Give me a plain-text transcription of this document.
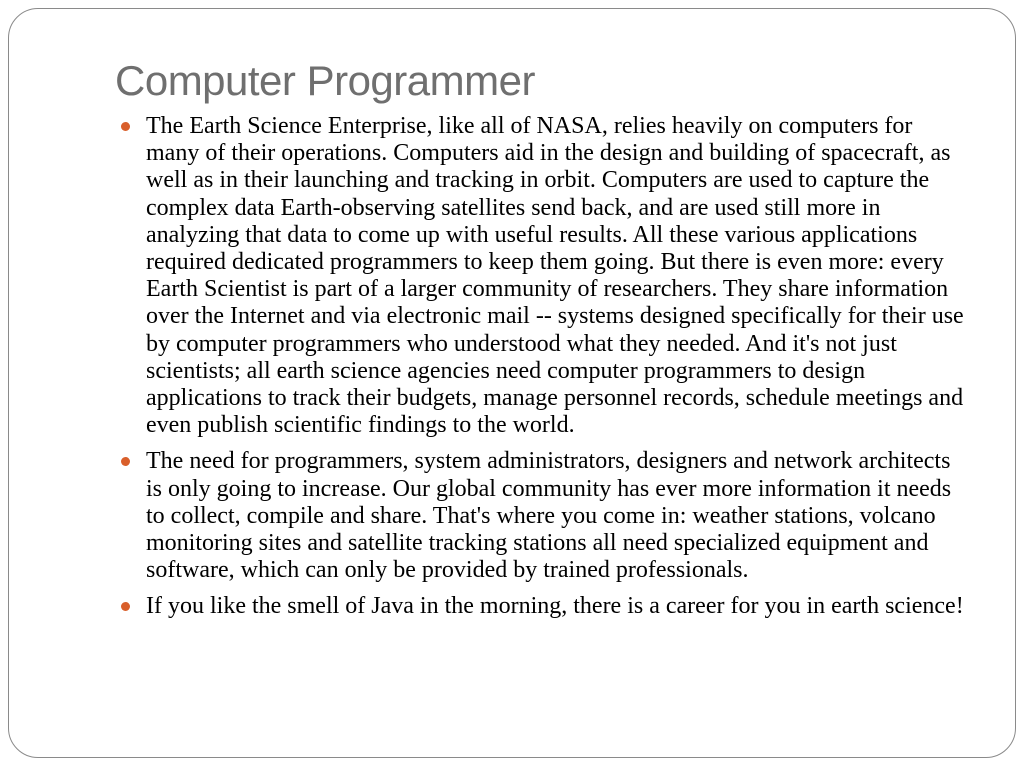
Computer Programmer
The Earth Science Enterprise, like all of NASA, relies heavily on computers for many of their operations. Computers aid in the design and building of spacecraft, as well as in their launching and tracking in orbit. Computers are used to capture the complex data Earth-observing satellites send back, and are used still more in analyzing that data to come up with useful results. All these various applications required dedicated programmers to keep them going. But there is even more: every Earth Scientist is part of a larger community of researchers. They share information over the Internet and via electronic mail -- systems designed specifically for their use by computer programmers who understood what they needed. And it's not just scientists; all earth science agencies need computer programmers to design applications to track their budgets, manage personnel records, schedule meetings and even publish scientific findings to the world.
The need for programmers, system administrators, designers and network architects is only going to increase. Our global community has ever more information it needs to collect, compile and share. That's where you come in: weather stations, volcano monitoring sites and satellite tracking stations all need specialized equipment and software, which can only be provided by trained professionals.
If you like the smell of Java in the morning, there is a career for you in earth science!
